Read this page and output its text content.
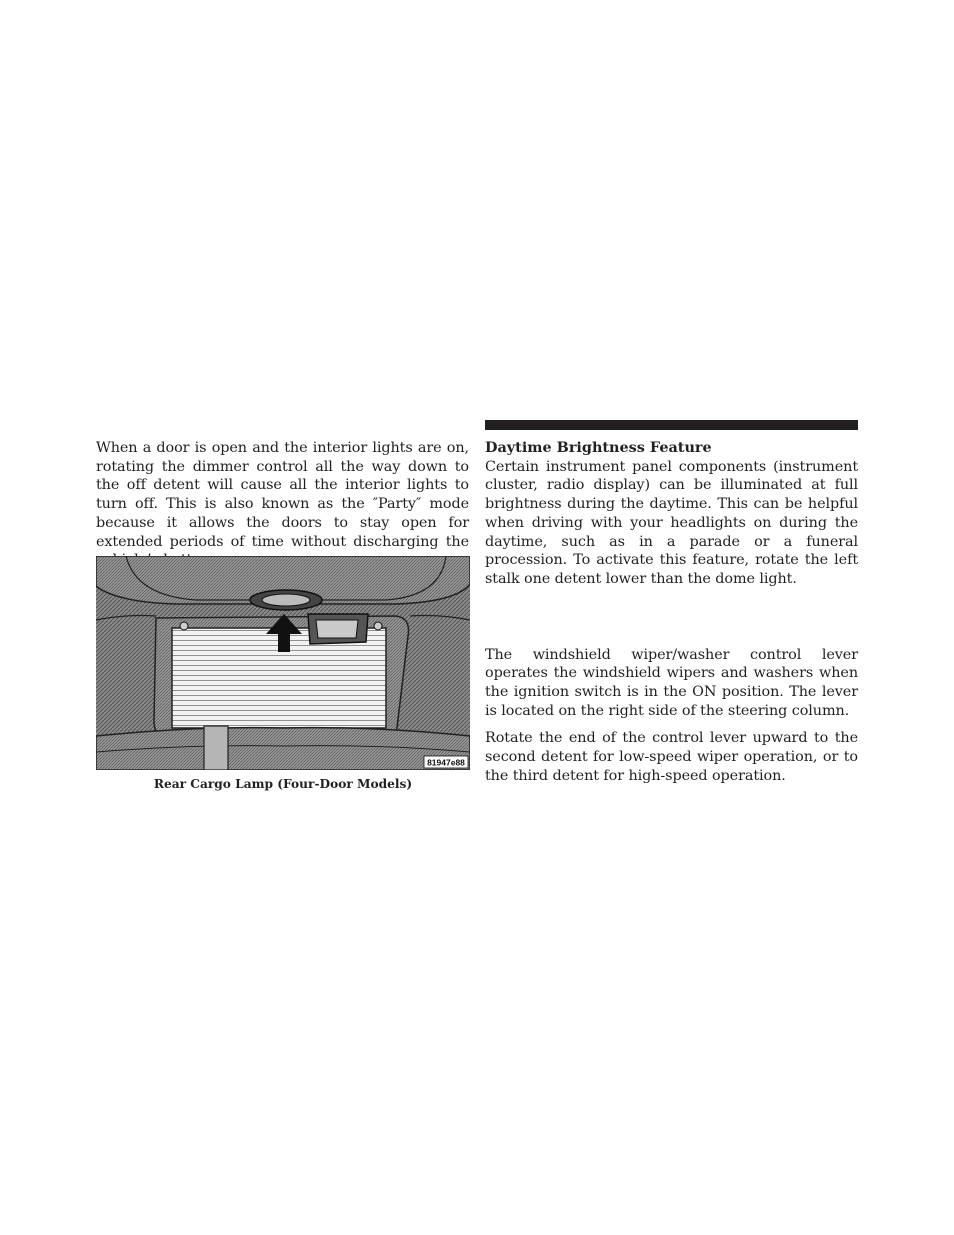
When a door is open and the interior lights are on, rotating the dimmer control all the way down to the off detent will cause all the interior lights to turn off. This is also known as the ″Party″ mode because it allows the doors to stay open for extended periods of time without discharging the

81947e88
Rear Cargo Lamp (Four-Door Models)
Daytime Brightness Feature

Certain instrument panel components (instrument cluster, radio display) can be illuminated at full brightness during the daytime. This can be helpful when driving with your headlights on during the daytime, such as in a parade or a funeral procession. To activate this feature, rotate the left stalk one detent lower than the dome light.

The windshield wiper/washer control lever operates the windshield wipers and washers when the ignition switch is in the ON position. The lever is located on the right side of the steering column.

Rotate the end of the control lever upward to the second detent for low-speed wiper operation, or to the third detent for high-speed operation.
